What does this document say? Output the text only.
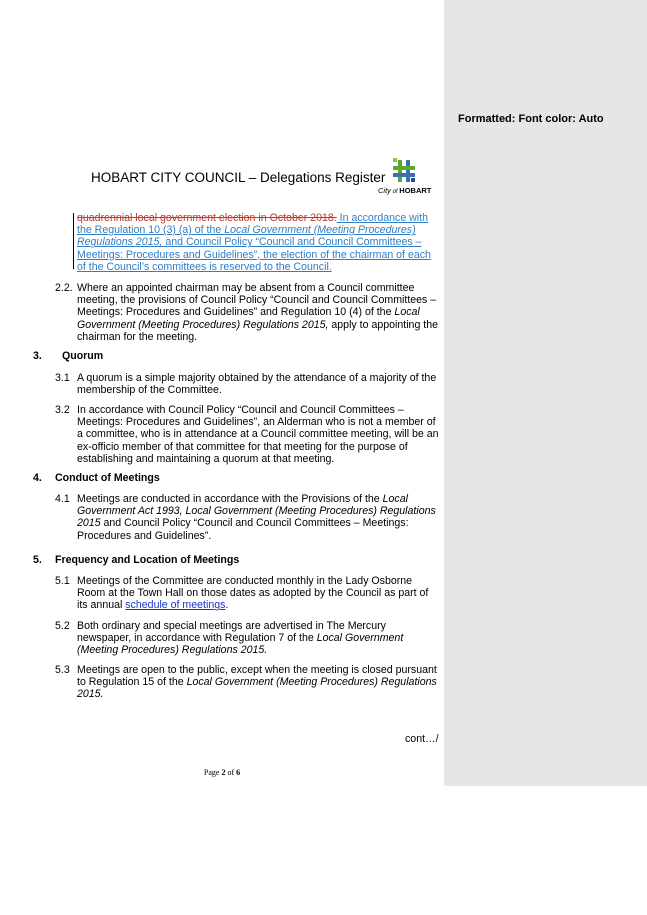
Formatted: Font color: Auto
HOBART CITY COUNCIL – Delegations Register
City of HOBART
quadrennial local government election in October 2018. In accordance with the Regulation 10 (3) (a) of the Local Government (Meeting Procedures) Regulations 2015, and Council Policy “Council and Council Committees – Meetings: Procedures and Guidelines”, the election of the chairman of each of the Council’s committees is reserved to the Council.
2.2. Where an appointed chairman may be absent from a Council committee meeting, the provisions of Council Policy “Council and Council Committees – Meetings: Procedures and Guidelines” and Regulation 10 (4) of the Local Government (Meeting Procedures) Regulations 2015, apply to appointing the chairman for the meeting.
3. Quorum
3.1 A quorum is a simple majority obtained by the attendance of a majority of the membership of the Committee.
3.2 In accordance with Council Policy “Council and Council Committees – Meetings: Procedures and Guidelines”, an Alderman who is not a member of a committee, who is in attendance at a Council committee meeting, will be an ex-officio member of that committee for that meeting for the purpose of establishing and maintaining a quorum at that meeting.
4. Conduct of Meetings
4.1 Meetings are conducted in accordance with the Provisions of the Local Government Act 1993, Local Government (Meeting Procedures) Regulations 2015 and Council Policy “Council and Council Committees – Meetings: Procedures and Guidelines”.
5. Frequency and Location of Meetings
5.1 Meetings of the Committee are conducted monthly in the Lady Osborne Room at the Town Hall on those dates as adopted by the Council as part of its annual schedule of meetings.
5.2 Both ordinary and special meetings are advertised in The Mercury newspaper, in accordance with Regulation 7 of the Local Government (Meeting Procedures) Regulations 2015.
5.3 Meetings are open to the public, except when the meeting is closed pursuant to Regulation 15 of the Local Government (Meeting Procedures) Regulations 2015.
cont…/
Page 2 of 6
